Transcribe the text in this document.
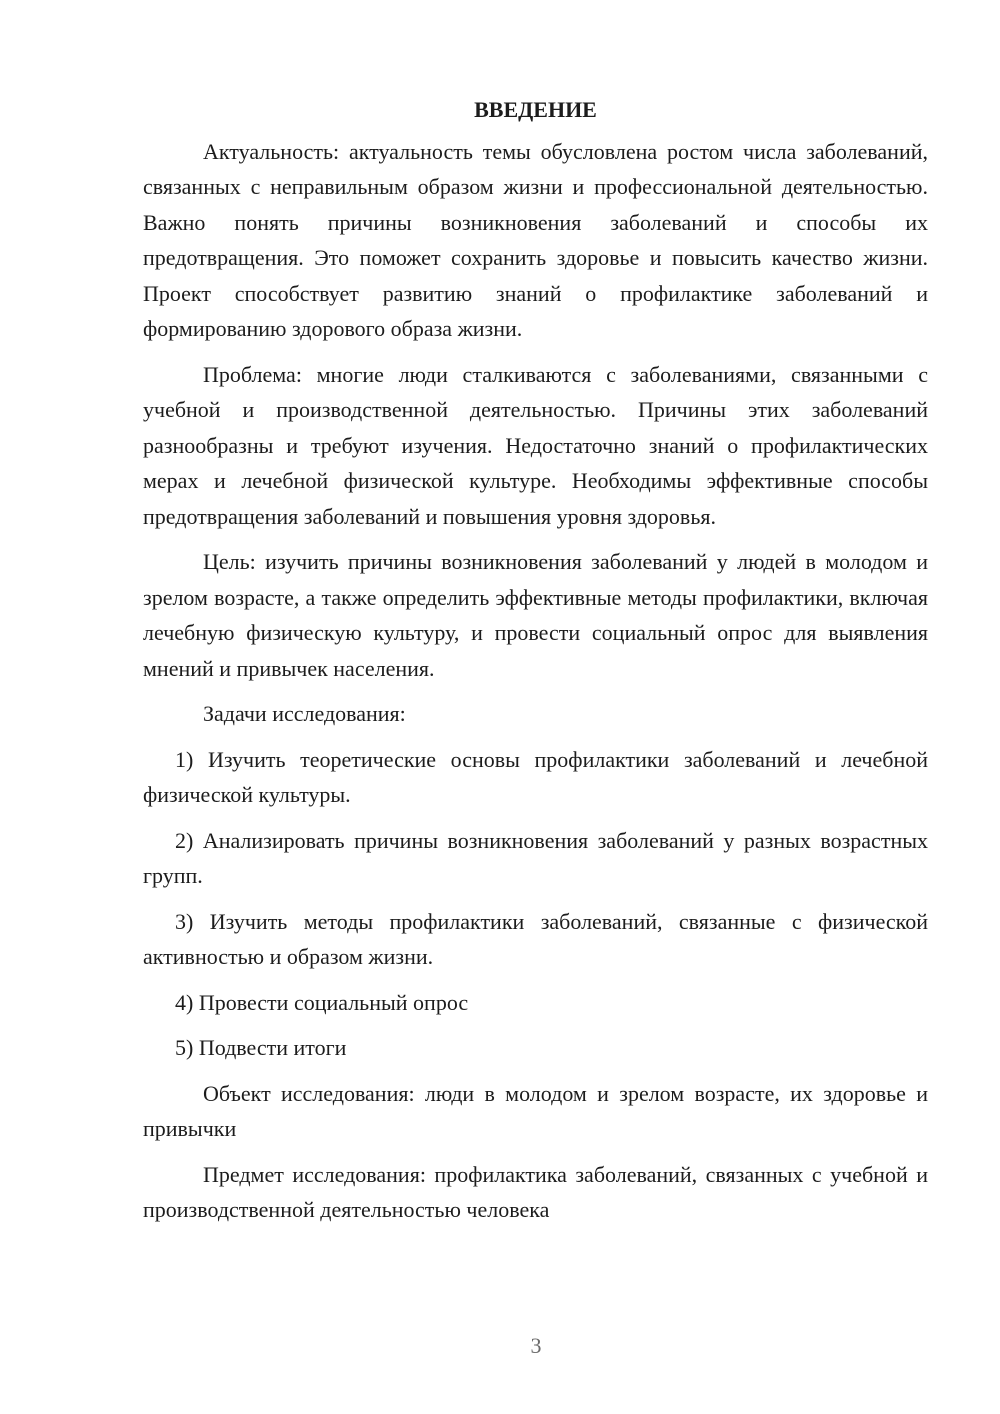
ВВЕДЕНИЕ

Актуальность: актуальность темы обусловлена ростом числа заболеваний, связанных с неправильным образом жизни и профессиональной деятельностью. Важно понять причины возникновения заболеваний и способы их предотвращения. Это поможет сохранить здоровье и повысить качество жизни. Проект способствует развитию знаний о профилактике заболеваний и формированию здорового образа жизни.

Проблема: многие люди сталкиваются с заболеваниями, связанными с учебной и производственной деятельностью. Причины этих заболеваний разнообразны и требуют изучения. Недостаточно знаний о профилактических мерах и лечебной физической культуре. Необходимы эффективные способы предотвращения заболеваний и повышения уровня здоровья.

Цель: изучить причины возникновения заболеваний у людей в молодом и зрелом возрасте, а также определить эффективные методы профилактики, включая лечебную физическую культуру, и провести социальный опрос для выявления мнений и привычек населения.

Задачи исследования:

1) Изучить теоретические основы профилактики заболеваний и лечебной физической культуры.

2) Анализировать причины возникновения заболеваний у разных возрастных групп.

3) Изучить методы профилактики заболеваний, связанные с физической активностью и образом жизни.

4) Провести социальный опрос

5) Подвести итоги

Объект исследования: люди в молодом и зрелом возрасте, их здоровье и привычки

Предмет исследования: профилактика заболеваний, связанных с учебной и производственной деятельностью человека

3
